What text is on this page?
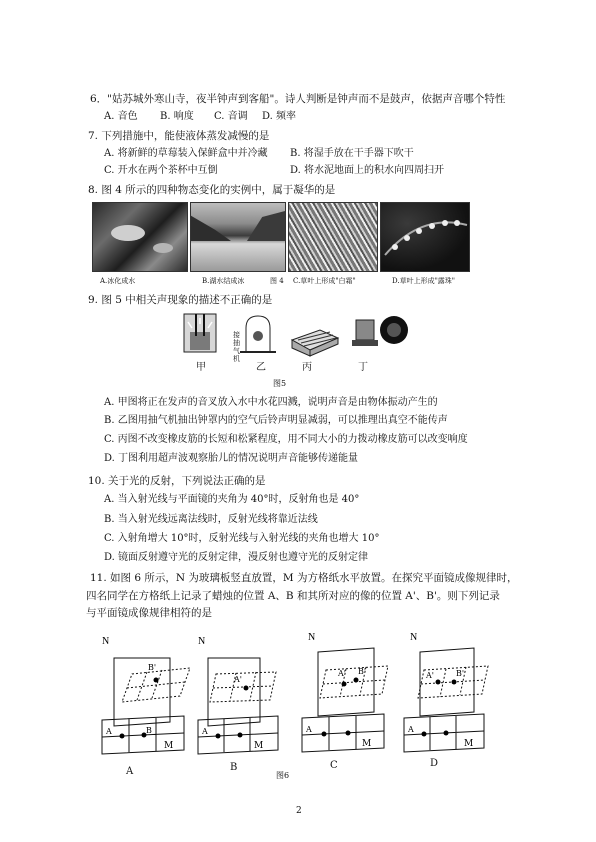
6．"姑苏城外寒山寺，夜半钟声到客船"。诗人判断是钟声而不是鼓声，依据声音哪个特性
A. 音色 B. 响度 C. 音调 D. 频率
7. 下列措施中，能使液体蒸发减慢的是
A. 将新鲜的草莓装入保鲜盒中并冷藏 B. 将湿手放在干手器下吹干
C. 开水在两个茶杯中互倒	D. 将水泥地面上的积水向四周扫开
8. 图 4 所示的四种物态变化的实例中，属于凝华的是
A.冰化成水	B.湖水结成冰	图 4 C.草叶上形成"白霜"	D.草叶上形成"露珠"
9. 图 5 中相关声现象的描述不正确的是
接抽气机
甲	乙	丙	丁
图5
A. 甲图将正在发声的音叉放入水中水花四溅，说明声音是由物体振动产生的
B. 乙图用抽气机抽出钟罩内的空气后铃声明显减弱，可以推理出真空不能传声
C. 丙图不改变橡皮筋的长短和松紧程度，用不同大小的力拨动橡皮筋可以改变响度
D. 丁图利用超声波观察胎儿的情况说明声音能够传递能量
10. 关于光的反射，下列说法正确的是
A. 当入射光线与平面镜的夹角为 40°时，反射角也是 40°
B. 当入射光线远离法线时，反射光线将靠近法线
C. 入射角增大 10°时，反射光线与入射光线的夹角也增大 10°
D. 镜面反射遵守光的反射定律，漫反射也遵守光的反射定律
11. 如图 6 所示，N 为玻璃板竖直放置，M 为方格纸水平放置。在探究平面镜成像规律时，
四名同学在方格纸上记录了蜡烛的位置 A、B 和其所对应的像的位置 A'、B'。则下列记录
与平面镜成像规律相符的是
N
B'
A	B
M
N
A'
A
M
N
A' B'
A
M
N
A'	B'
A
M
A	B	C	D
图6
2
